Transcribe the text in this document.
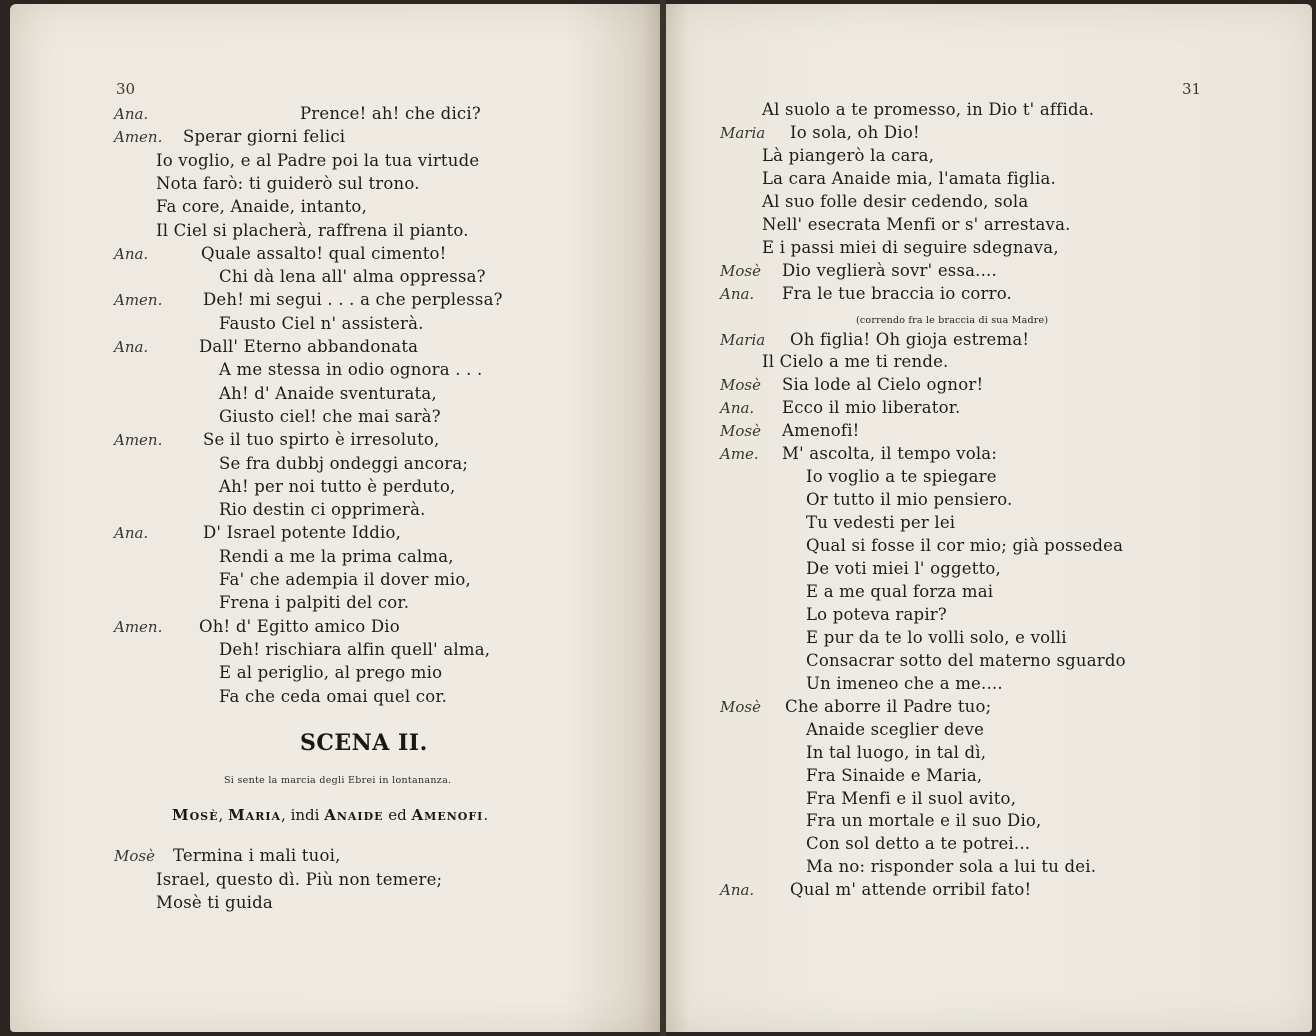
30	31
Ana.	Prence! ah! che dici?
Amen. Sperar giorni felici
Io voglio, e al Padre poi la tua virtude
Nota farò: ti guiderò sul trono.
Fa core, Anaide, intanto,
Il Ciel si placherà, raffrena il pianto.
Ana.	Quale assalto! qual cimento!
Chi dà lena all' alma oppressa?
Amen. Deh! mi segui . . . a che perplessa?
Fausto Ciel n' assisterà.
Ana.	Dall' Eterno abbandonata
A me stessa in odio ognora . . .
Ah! d' Anaide sventurata,
Giusto ciel! che mai sarà?
Amen. Se il tuo spirto è irresoluto,
Se fra dubbj ondeggi ancora;
Ah! per noi tutto è perduto,
Rio destin ci opprimerà.
Ana.	D' Israel potente Iddio,
Rendi a me la prima calma,
Fa' che adempia il dover mio,
Frena i palpiti del cor.
Amen. Oh! d' Egitto amico Dio
Deh! rischiara alfin quell' alma,
E al periglio, al prego mio
Fa che ceda omai quel cor.
SCENA II.
Si sente la marcia degli Ebrei in lontananza.
Mosè, Maria, indi Anaide ed Amenofi.
Mosè Termina i mali tuoi,
Israel, questo dì. Più non temere;
Mosè ti guida
Al suolo a te promesso, in Dio t' affida.
Maria Io sola, oh Dio!
Là piangerò la cara,
La cara Anaide mia, l'amata figlia.
Al suo folle desir cedendo, sola
Nell' esecrata Menfi or s' arrestava.
E i passi miei di seguire sdegnava,
Mosè Dio veglierà sovr' essa....
Ana. Fra le tue braccia io corro.
(correndo fra le braccia di sua Madre)
Maria Oh figlia! Oh gioja estrema!
Il Cielo a me ti rende.
Mosè Sia lode al Cielo ognor!
Ana. Ecco il mio liberator.
Mosè Amenofi!
Ame. M' ascolta, il tempo vola:
Io voglio a te spiegare
Or tutto il mio pensiero.
Tu vedesti per lei
Qual si fosse il cor mio; già possedea
De voti miei l' oggetto,
E a me qual forza mai
Lo poteva rapir?
E pur da te lo volli solo, e volli
Consacrar sotto del materno sguardo
Un imeneo che a me....
Mosè Che aborre il Padre tuo;
Anaide sceglier deve
In tal luogo, in tal dì,
Fra Sinaide e Maria,
Fra Menfi e il suol avito,
Fra un mortale e il suo Dio,
Con sol detto a te potrei...
Ma no: risponder sola a lui tu dei.
Ana. Qual m' attende orribil fato!
